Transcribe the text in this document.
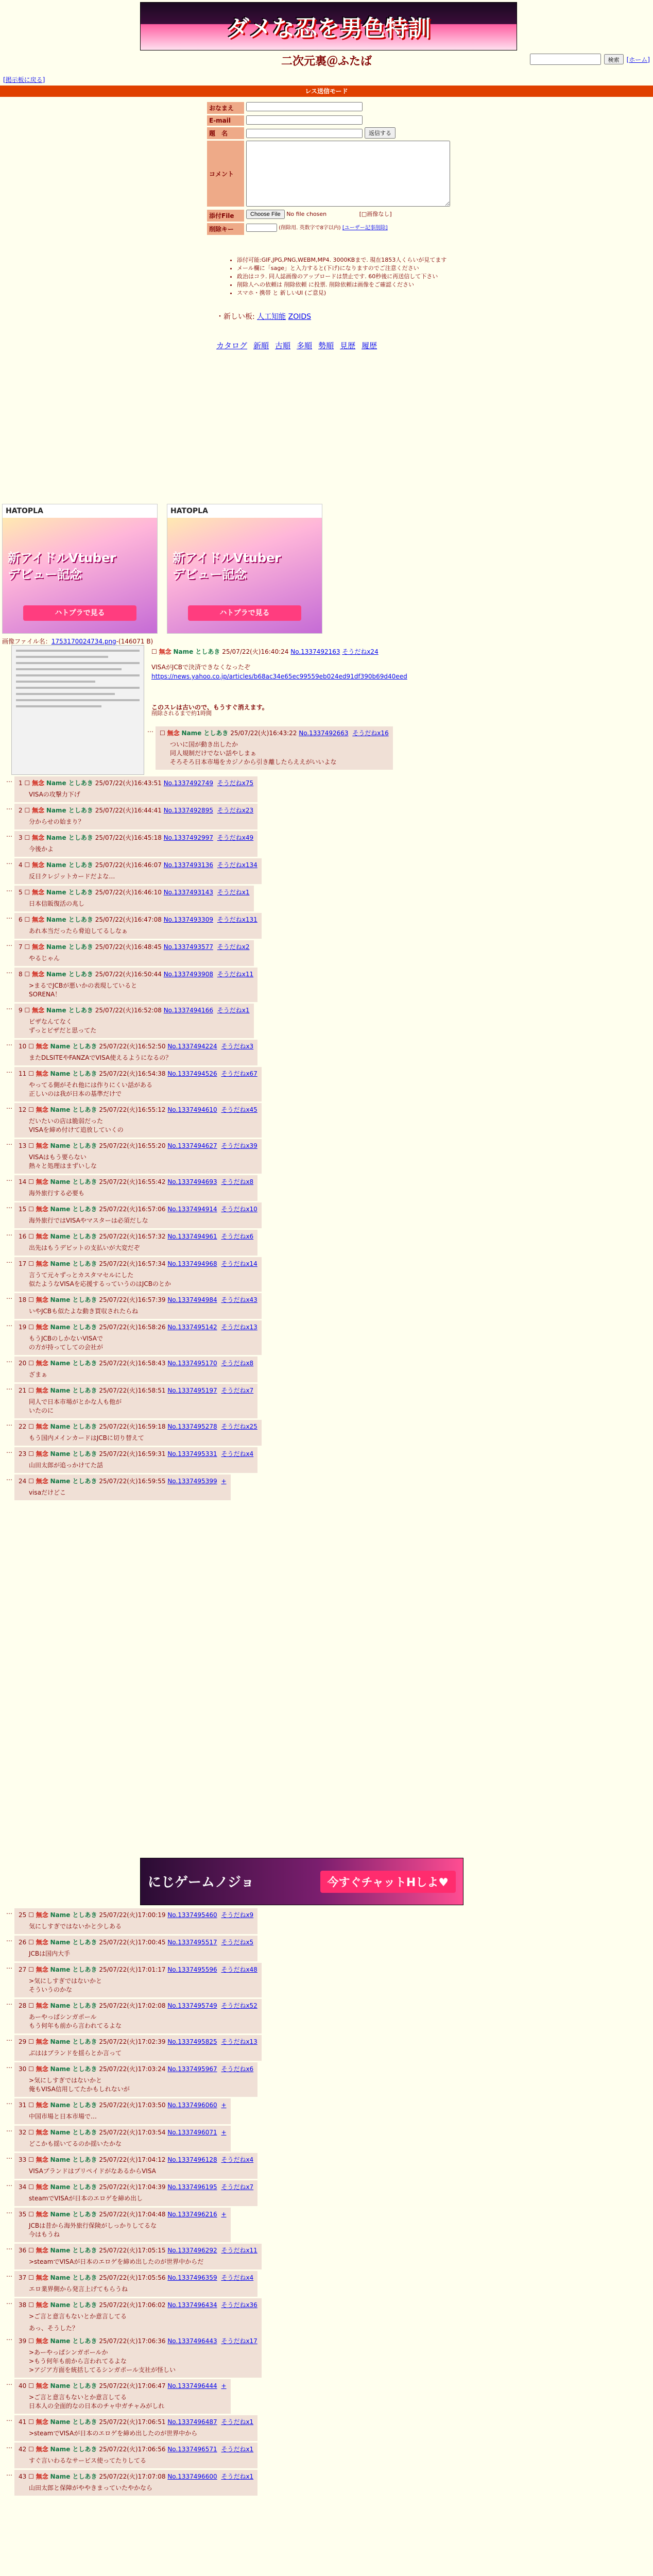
ダメな忍を男色特訓
二次元裏＠ふたば	検索	[ホーム]
[掲示板に戻る]
レス送信モード
おなまえ
E-mail
題　名	返信する
コメント
添付File	Choose File No file chosen	[□画像なし]
削除キー	(削除用. 英数字で8字以内) [ユーザー記事削除]
• 添付可能:GIF,JPG,PNG,WEBM,MP4. 3000KBまで. 現在1853人くらいが見てます
• メール欄に「sage」と入力すると(下げ)になりますのでご注意ください
• 政治はコラ. 同人誌画像のアップロードは禁止です. 60秒後に再送信して下さい
• 削除人への依頼は 削除依頼 に投票. 削除依頼は画像をご確認ください
• スマホ・携帯 と 新しいUI (ご意見)
・新しい板: 人工知能 ZOIDS
カタログ 新順 古順 多順 勢順 見歴 履歴
HATOPLA
新アイドルVtuber
デビュー記念
ハトプラで見る
HATOPLA
新アイドルVtuber
デビュー記念
ハトプラで見る
画像ファイル名：1753170024734.png-(146071 B)
☐ 無念 Name としあき 25/07/22(火)16:40:24 No.1337492163 そうだねx24
VISAがJCBで決済できなくなったぞ
https://news.yahoo.co.jp/articles/b68ac34e65ec99559eb024ed91df390b69d40eed
このスレは古いので、もうすぐ消えます。
削除されるまで約1時間
…	☐ 無念 Name としあき 25/07/22(火)16:43:22 No.1337492663 そうだねx16
ついに国が動き出したか
同人規制だけでない話やしまぁ
そろそろ日本市場をカジノから引き離したらええがいいよな
…	1 ☐ 無念 Name としあき 25/07/22(火)16:43:51 No.1337492749 そうだねx75
VISAの攻撃力下げ
…	2 ☐ 無念 Name としあき 25/07/22(火)16:44:41 No.1337492895 そうだねx23
分からせの始まり？
…	3 ☐ 無念 Name としあき 25/07/22(火)16:45:18 No.1337492997 そうだねx49
今後かよ
…	4 ☐ 無念 Name としあき 25/07/22(火)16:46:07 No.1337493136 そうだねx134
反日クレジットカードだよな…
…	5 ☐ 無念 Name としあき 25/07/22(火)16:46:10 No.1337493143 そうだねx1
日本信販復活の兆し
…	6 ☐ 無念 Name としあき 25/07/22(火)16:47:08 No.1337493309 そうだねx131
あれ本当だったら脅迫してるしなぁ
…	7 ☐ 無念 Name としあき 25/07/22(火)16:48:45 No.1337493577 そうだねx2
やるじゃん
…	8 ☐ 無念 Name としあき 25/07/22(火)16:50:44 No.1337493908 そうだねx11
>まるでJCBが悪いかの表現していると
SORENA！
…	9 ☐ 無念 Name としあき 25/07/22(火)16:52:08 No.1337494166 そうだねx1
ビザなんてなく
ずっとビザだと思ってた
…	10 ☐ 無念 Name としあき 25/07/22(火)16:52:50 No.1337494224 そうだねx3
またDLSITEやFANZAでVISA使えるようになるの？
…	11 ☐ 無念 Name としあき 25/07/22(火)16:54:38 No.1337494526 そうだねx67
やってる側がそれ他には作りにくい話がある
正しいのは我が日本の基準だけで
…	12 ☐ 無念 Name としあき 25/07/22(火)16:55:12 No.1337494610 そうだねx45
だいたいの店は脆弱だった
VISAを締め付けて追放していくの
…	13 ☐ 無念 Name としあき 25/07/22(火)16:55:20 No.1337494627 そうだねx39
VISAはもう要らない
熱々と処理はまずいしな
…	14 ☐ 無念 Name としあき 25/07/22(火)16:55:42 No.1337494693 そうだねx8
海外旅行する必要も
…	15 ☐ 無念 Name としあき 25/07/22(火)16:57:06 No.1337494914 そうだねx10
海外旅行ではVISAやマスターは必須だしな
…	16 ☐ 無念 Name としあき 25/07/22(火)16:57:32 No.1337494961 そうだねx6
出先はもうデビットの支払いが大変だぞ
…	17 ☐ 無念 Name としあき 25/07/22(火)16:57:34 No.1337494968 そうだねx14
言うて元々ずっとカスタマセルにした
似たようなVISAを応援するっていうのはJCBのとか
…	18 ☐ 無念 Name としあき 25/07/22(火)16:57:39 No.1337494984 そうだねx43
いやJCBも似たよな動き買収されたらね
…	19 ☐ 無念 Name としあき 25/07/22(火)16:58:26 No.1337495142 そうだねx13
もうJCBのしかないVISAで
の方が持ってしての会社が
…	20 ☐ 無念 Name としあき 25/07/22(火)16:58:43 No.1337495170 そうだねx8
ざまぁ
…	21 ☐ 無念 Name としあき 25/07/22(火)16:58:51 No.1337495197 そうだねx7
同人で日本市場がとかな人も他が
いたのに
…	22 ☐ 無念 Name としあき 25/07/22(火)16:59:18 No.1337495278 そうだねx25
もう国内メインカードはJCBに切り替えて
…	23 ☐ 無念 Name としあき 25/07/22(火)16:59:31 No.1337495331 そうだねx4
山田太郎が追っかけてた話
…	24 ☐ 無念 Name としあき 25/07/22(火)16:59:55 No.1337495399 +
visaだけどこ
…	25 ☐ 無念 Name としあき 25/07/22(火)17:00:19 No.1337495460 そうだねx9
気にしすぎではないかと少しある
…	26 ☐ 無念 Name としあき 25/07/22(火)17:00:45 No.1337495517 そうだねx5
JCBは国内大手
…	27 ☐ 無念 Name としあき 25/07/22(火)17:01:17 No.1337495596 そうだねx48
>気にしすぎではないかと
そういうのかな
…	28 ☐ 無念 Name としあき 25/07/22(火)17:02:08 No.1337495749 そうだねx52
あーやっぱシンガポール
もう何年も前から言われてるよな
…	29 ☐ 無念 Name としあき 25/07/22(火)17:02:39 No.1337495825 そうだねx13
ぶははブランドを揺らとか言って
…	30 ☐ 無念 Name としあき 25/07/22(火)17:03:24 No.1337495967 そうだねx6
>気にしすぎではないかと
俺もVISA信用してたかもしれないが
…	31 ☐ 無念 Name としあき 25/07/22(火)17:03:50 No.1337496060 +
中国市場と日本市場で…
…	32 ☐ 無念 Name としあき 25/07/22(火)17:03:54 No.1337496071 +
どこかも揺いてるのか揺いたかな
…	33 ☐ 無念 Name としあき 25/07/22(火)17:04:12 No.1337496128 そうだねx4
VISAブランドはプリペイドがなあるからVISA
…	34 ☐ 無念 Name としあき 25/07/22(火)17:04:39 No.1337496195 そうだねx7
steamでVISAが日本のエロゲを締め出し
…	35 ☐ 無念 Name としあき 25/07/22(火)17:04:48 No.1337496216 +
JCBは昔から海外旅行保険がしっかりしてるな
今はもうね
…	36 ☐ 無念 Name としあき 25/07/22(火)17:05:15 No.1337496292 そうだねx11
>steamでVISAが日本のエロゲを締め出したのが世界中からだ
…	37 ☐ 無念 Name としあき 25/07/22(火)17:05:56 No.1337496359 そうだねx4
エロ業界側から発言上げてもらうね
…	38 ☐ 無念 Name としあき 25/07/22(火)17:06:02 No.1337496434 そうだねx36
>ご言と意言もないとか意言してる
あっ、そうした？
…	39 ☐ 無念 Name としあき 25/07/22(火)17:06:36 No.1337496443 そうだねx17
>あーやっぱシンガポールか
>もう何年も前から言われてるよな
>アジア方面を統括してるシンガポール支社が怪しい
…	40 ☐ 無念 Name としあき 25/07/22(火)17:06:47 No.1337496444 +
>ご言と意言もないとか意言してる
日本人の全面的なの日本のチャ中ガチャみがしれ
…	41 ☐ 無念 Name としあき 25/07/22(火)17:06:51 No.1337496487 そうだねx1
>steamでVISAが日本のエロゲを締め出したのが世界中から
…	42 ☐ 無念 Name としあき 25/07/22(火)17:06:56 No.1337496571 そうだねx1
すぐ言いわるなサービス使ってたりしてる
…	43 ☐ 無念 Name としあき 25/07/22(火)17:07:08 No.1337496600 そうだねx1
山田太郎と保障がややきまっていたやかなら
にじゲームノジョ	今すぐチャットHしよ♥
